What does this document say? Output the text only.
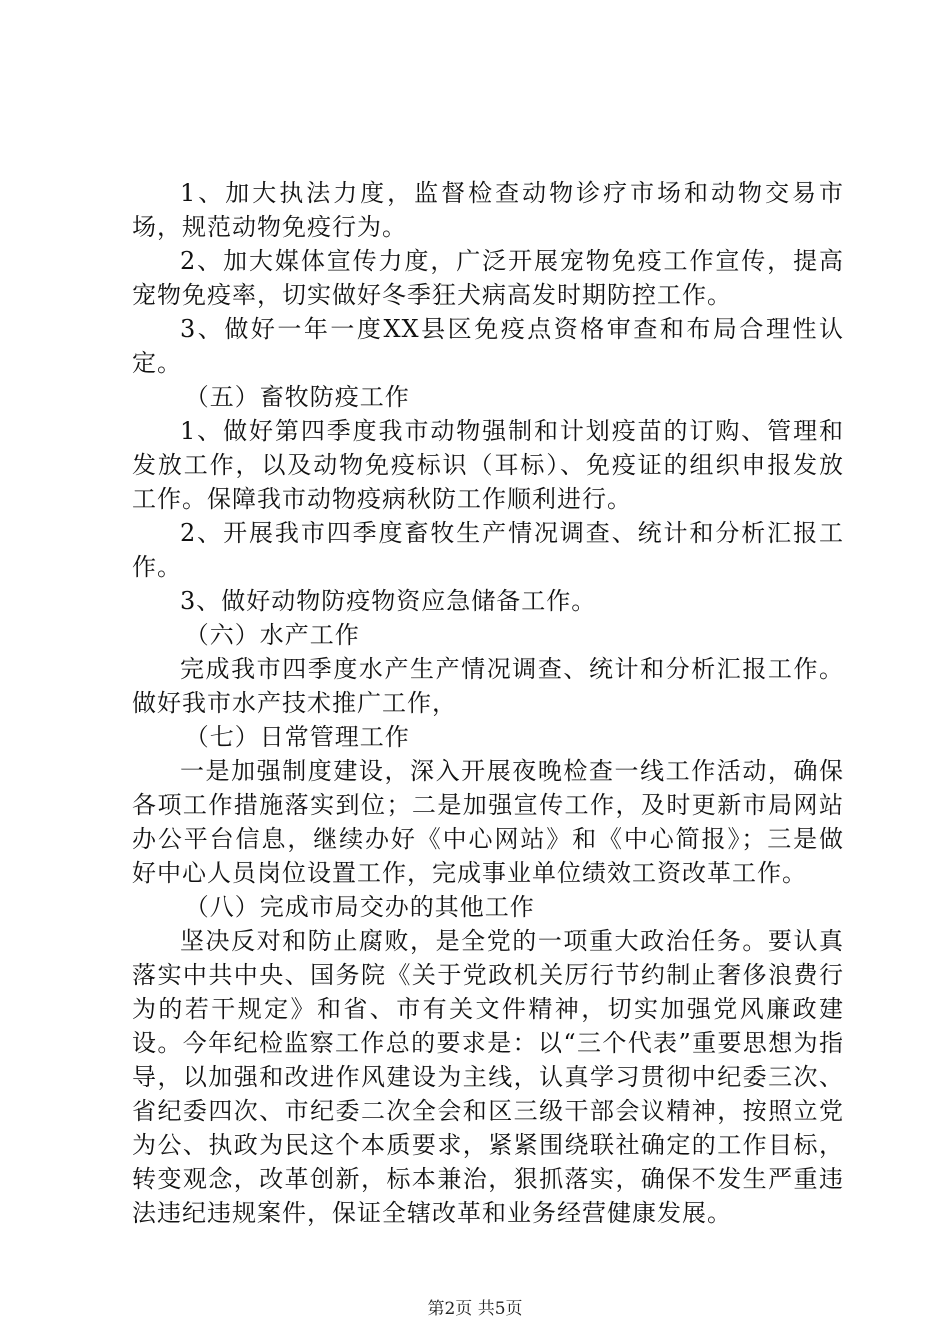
1、加大执法力度，监督检查动物诊疗市场和动物交易市场，规范动物免疫行为。

2、加大媒体宣传力度，广泛开展宠物免疫工作宣传，提高宠物免疫率，切实做好冬季狂犬病高发时期防控工作。

3、做好一年一度XX县区免疫点资格审查和布局合理性认定。

（五）畜牧防疫工作

1、做好第四季度我市动物强制和计划疫苗的订购、管理和发放工作，以及动物免疫标识（耳标）、免疫证的组织申报发放工作。保障我市动物疫病秋防工作顺利进行。

2、开展我市四季度畜牧生产情况调查、统计和分析汇报工作。

3、做好动物防疫物资应急储备工作。

（六）水产工作

完成我市四季度水产生产情况调查、统计和分析汇报工作。做好我市水产技术推广工作，

（七）日常管理工作

一是加强制度建设，深入开展夜晚检查一线工作活动，确保各项工作措施落实到位；二是加强宣传工作，及时更新市局网站办公平台信息，继续办好《中心网站》和《中心简报》；三是做好中心人员岗位设置工作，完成事业单位绩效工资改革工作。

（八）完成市局交办的其他工作

坚决反对和防止腐败，是全党的一项重大政治任务。要认真落实中共中央、国务院《关于党政机关厉行节约制止奢侈浪费行为的若干规定》和省、市有关文件精神，切实加强党风廉政建设。今年纪检监察工作总的要求是：以“三个代表”重要思想为指导，以加强和改进作风建设为主线，认真学习贯彻中纪委三次、省纪委四次、市纪委二次全会和区三级干部会议精神，按照立党为公、执政为民这个本质要求，紧紧围绕联社确定的工作目标，转变观念，改革创新，标本兼治，狠抓落实，确保不发生严重违法违纪违规案件，保证全辖改革和业务经营健康发展。

第2页 共5页
